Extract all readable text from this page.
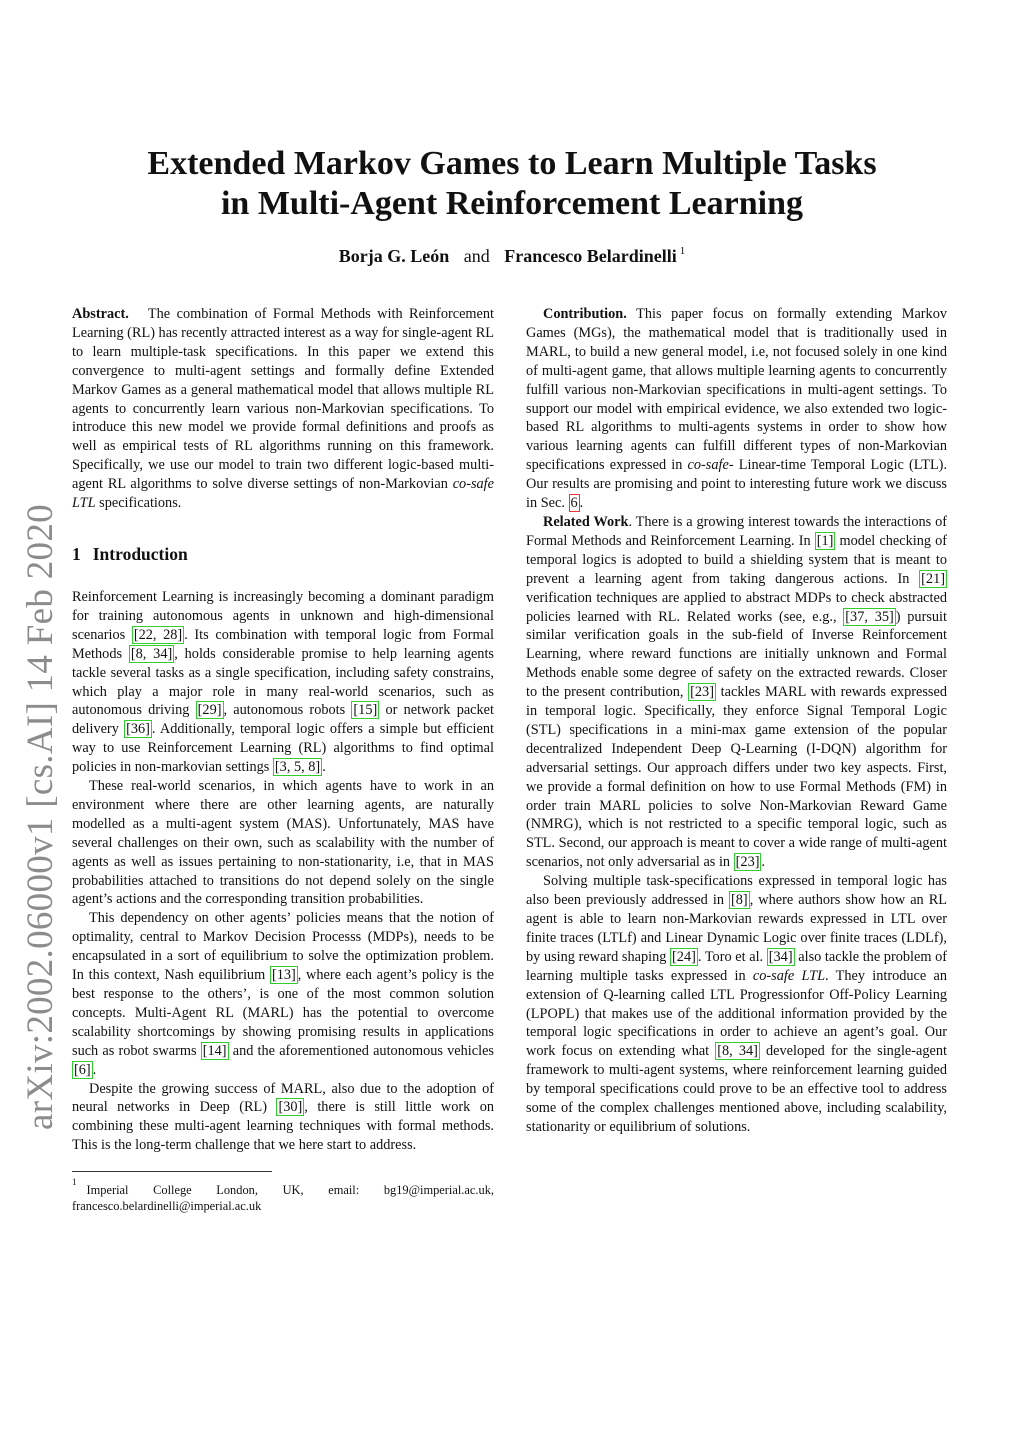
arXiv:2002.06000v1 [cs.AI] 14 Feb 2020
Extended Markov Games to Learn Multiple Tasks
in Multi-Agent Reinforcement Learning
Borja G. León and Francesco Belardinelli $^1$

Abstract. The combination of Formal Methods with Reinforcement Learning (RL) has recently attracted interest as a way for single-agent RL to learn multiple-task specifications. In this paper we extend this convergence to multi-agent settings and formally define Extended Markov Games as a general mathematical model that allows multiple RL agents to concurrently learn various non-Markovian specifications. To introduce this new model we provide formal definitions and proofs as well as empirical tests of RL algorithms running on this framework. Specifically, we use our model to train two different logic-based multi-agent RL algorithms to solve diverse settings of non-Markovian co-safe LTL specifications.

1 Introduction

Reinforcement Learning is increasingly becoming a dominant paradigm for training autonomous agents in unknown and high-dimensional scenarios [22, 28] . Its combination with temporal logic from Formal Methods [8, 34] , holds considerable promise to help learning agents tackle several tasks as a single specification, including safety constrains, which play a major role in many real-world scenarios, such as autonomous driving [29] , autonomous robots [15] or network packet delivery [36] . Additionally, temporal logic offers a simple but efficient way to use Reinforcement Learning (RL) algorithms to find optimal policies in non-markovian settings [3, 5, 8] .

These real-world scenarios, in which agents have to work in an environment where there are other learning agents, are naturally modelled as a multi-agent system (MAS). Unfortunately, MAS have several challenges on their own, such as scalability with the number of agents as well as issues pertaining to non-stationarity, i.e, that in MAS probabilities attached to transitions do not depend solely on the single agent’s actions and the corresponding transition probabilities.

This dependency on other agents’ policies means that the notion of optimality, central to Markov Decision Processs (MDPs), needs to be encapsulated in a sort of equilibrium to solve the optimization problem. In this context, Nash equilibrium [13] , where each agent’s policy is the best response to the others’, is one of the most common solution concepts. Multi-Agent RL (MARL) has the potential to overcome scalability shortcomings by showing promising results in applications such as robot swarms [14] and the aforementioned autonomous vehicles [6] .

Despite the growing success of MARL, also due to the adoption of neural networks in Deep (RL) [30] , there is still little work on combining these multi-agent learning techniques with formal methods. This is the long-term challenge that we here start to address.

$^1$Imperial College London, UK, email: bg19@imperial.ac.uk, francesco.belardinelli@imperial.ac.uk

Contribution. This paper focus on formally extending Markov Games (MGs), the mathematical model that is traditionally used in MARL, to build a new general model, i.e, not focused solely in one kind of multi-agent game, that allows multiple learning agents to concurrently fulfill various non-Markovian specifications in multi-agent settings. To support our model with empirical evidence, we also extended two logic-based RL algorithms to multi-agents systems in order to show how various learning agents can fulfill different types of non-Markovian specifications expressed in co-safe- Linear-time Temporal Logic (LTL). Our results are promising and point to interesting future work we discuss in Sec. 6 .

Related Work. There is a growing interest towards the interactions of Formal Methods and Reinforcement Learning. In [1] model checking of temporal logics is adopted to build a shielding system that is meant to prevent a learning agent from taking dangerous actions. In [21] verification techniques are applied to abstract MDPs to check abstracted policies learned with RL. Related works (see, e.g., [37, 35] ) pursuit similar verification goals in the sub-field of Inverse Reinforcement Learning, where reward functions are initially unknown and Formal Methods enable some degree of safety on the extracted rewards. Closer to the present contribution, [23] tackles MARL with rewards expressed in temporal logic. Specifically, they enforce Signal Temporal Logic (STL) specifications in a mini-max game extension of the popular decentralized Independent Deep Q-Learning (I-DQN) algorithm for adversarial settings. Our approach differs under two key aspects. First, we provide a formal definition on how to use Formal Methods (FM) in order train MARL policies to solve Non-Markovian Reward Game (NMRG), which is not restricted to a specific temporal logic, such as STL. Second, our approach is meant to cover a wide range of multi-agent scenarios, not only adversarial as in [23] .

Solving multiple task-specifications expressed in temporal logic has also been previously addressed in [8] , where authors show how an RL agent is able to learn non-Markovian rewards expressed in LTL over finite traces (LTLf) and Linear Dynamic Logic over finite traces (LDLf), by using reward shaping [24] . Toro et al. [34] also tackle the problem of learning multiple tasks expressed in co-safe LTL. They introduce an extension of Q-learning called LTL Progressionfor Off-Policy Learning (LPOPL) that makes use of the additional information provided by the temporal logic specifications in order to achieve an agent’s goal. Our work focus on extending what [8, 34] developed for the single-agent framework to multi-agent systems, where reinforcement learning guided by temporal specifications could prove to be an effective tool to address some of the complex challenges mentioned above, including scalability, stationarity or equilibrium of solutions.
